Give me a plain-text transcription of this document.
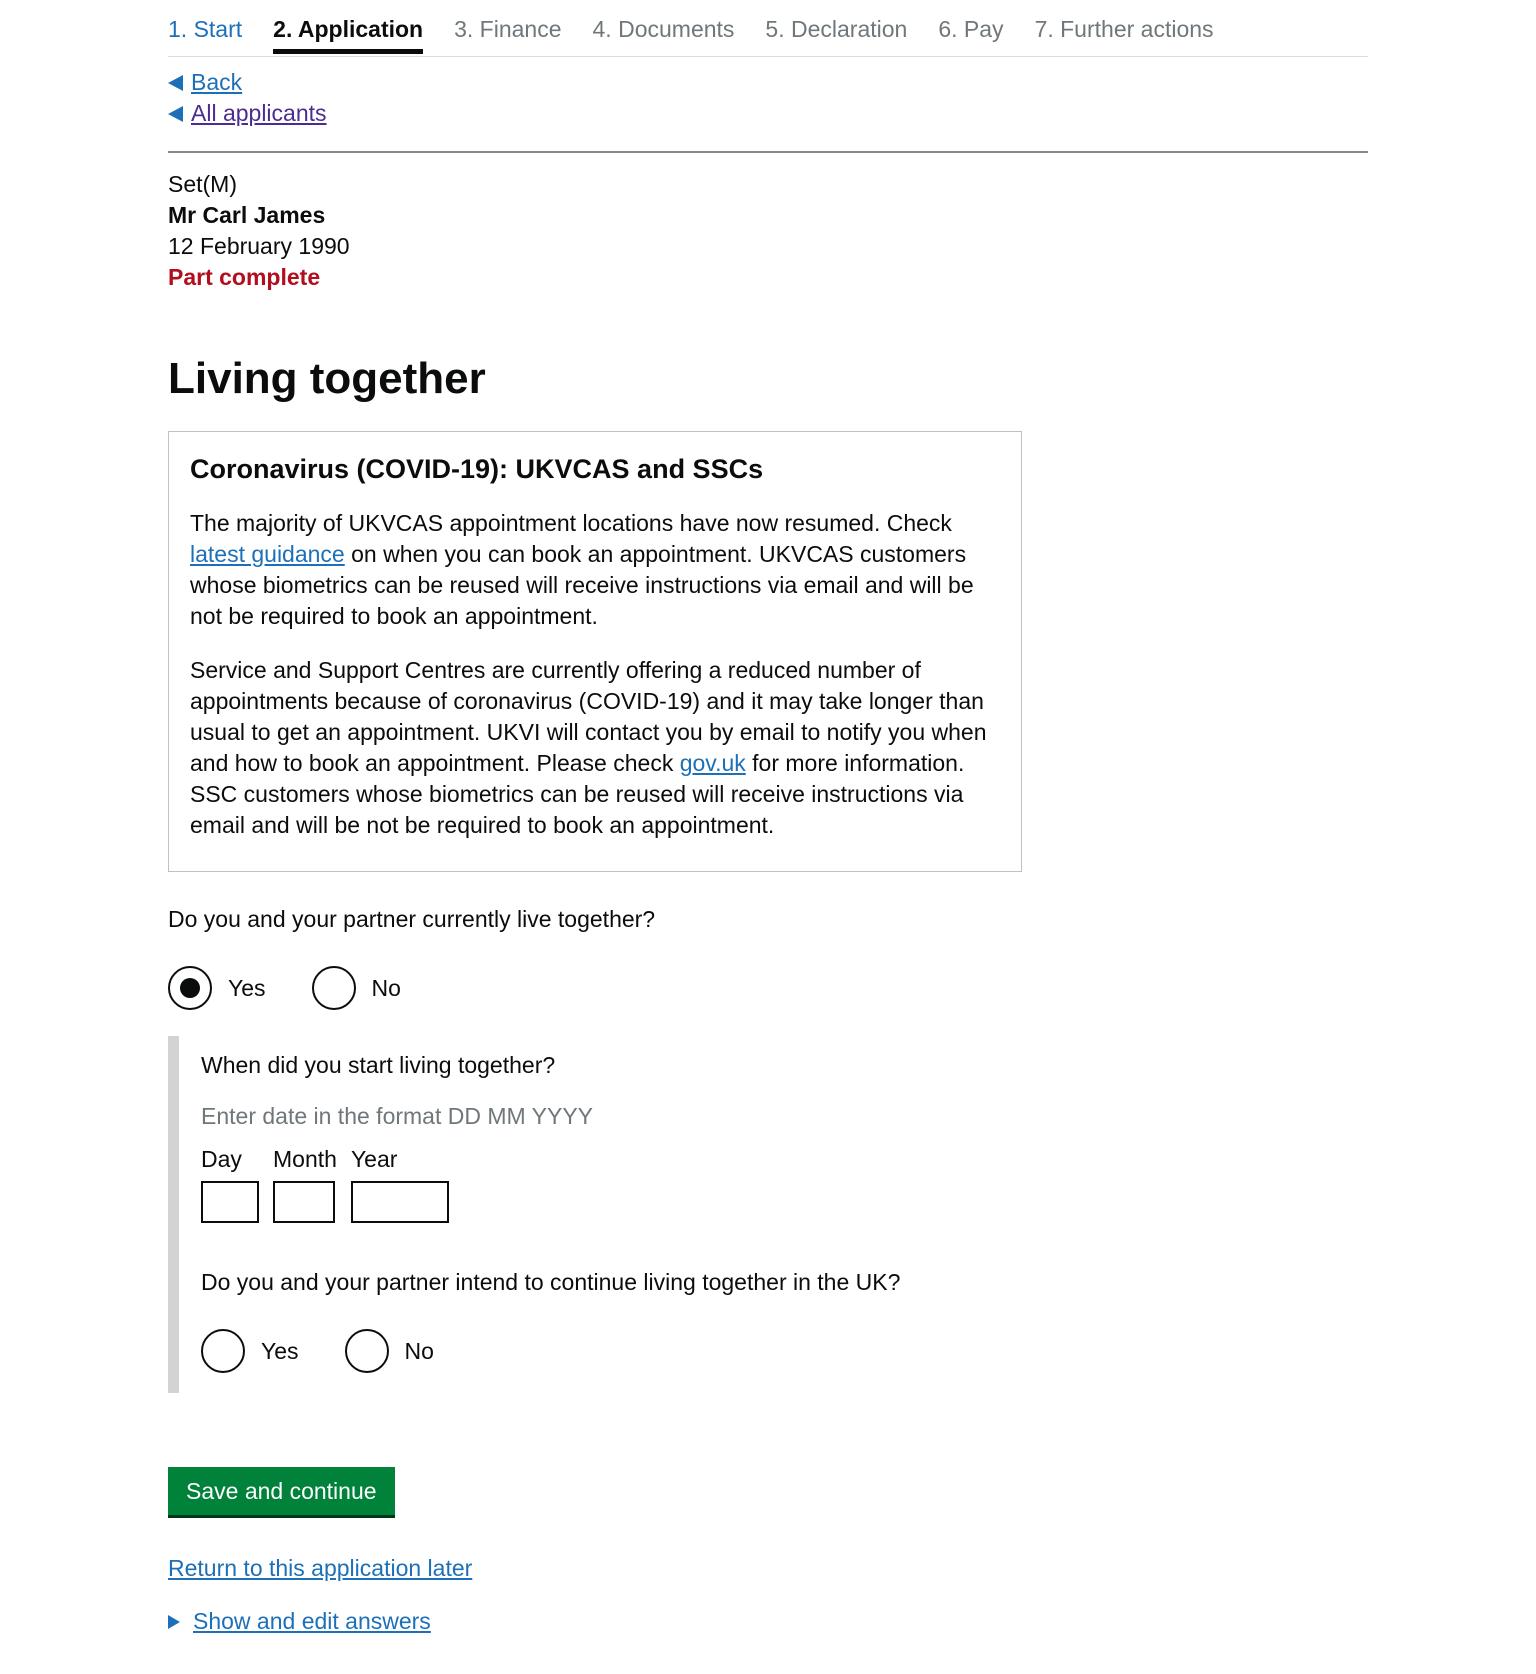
1. Start 2. Application 3. Finance 4. Documents 5. Declaration 6. Pay 7. Further actions
Back
All applicants
Set(M)
Mr Carl James
12 February 1990
Part complete
Living together
Coronavirus (COVID-19): UKVCAS and SSCs

The majority of UKVCAS appointment locations have now resumed. Check latest guidance on when you can book an appointment. UKVCAS customers whose biometrics can be reused will receive instructions via email and will be not be required to book an appointment.

Service and Support Centres are currently offering a reduced number of appointments because of coronavirus (COVID-19) and it may take longer than usual to get an appointment. UKVI will contact you by email to notify you when and how to book an appointment. Please check gov.uk for more information. SSC customers whose biometrics can be reused will receive instructions via email and will be not be required to book an appointment.

Do you and your partner currently live together?
Yes	No
When did you start living together?
Enter date in the format DD MM YYYY
Day	Month Year
Do you and your partner intend to continue living together in the UK?
Yes	No
Save and continue
Return to this application later
Show and edit answers
